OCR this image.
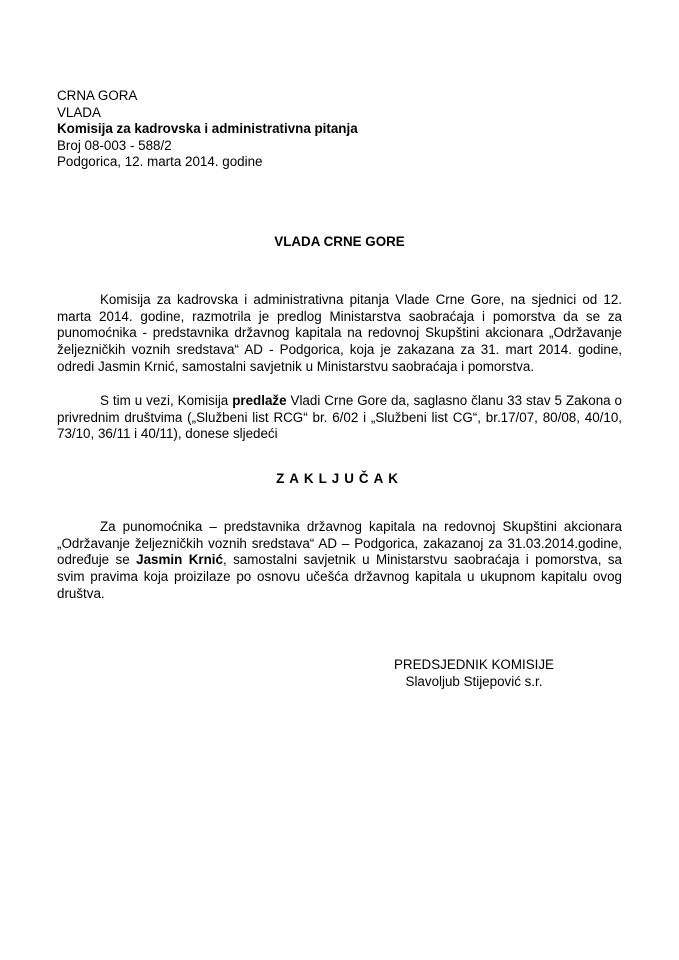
CRNA GORA
VLADA
Komisija za kadrovska i administrativna pitanja
Broj 08-003 - 588/2
Podgorica, 12. marta 2014. godine
VLADA CRNE GORE
Komisija za kadrovska i administrativna pitanja Vlade Crne Gore, na sjednici od 12. marta 2014. godine, razmotrila je predlog Ministarstva saobraćaja i pomorstva da se za punomoćnika - predstavnika državnog kapitala na redovnoj Skupštini akcionara „Održavanje željezničkih voznih sredstava“ AD - Podgorica, koja je zakazana za 31. mart 2014. godine, odredi Jasmin Krnić, samostalni savjetnik u Ministarstvu saobraćaja i pomorstva.
S tim u vezi, Komisija predlaže Vladi Crne Gore da, saglasno članu 33 stav 5 Zakona o privrednim društvima („Službeni list RCG“ br. 6/02 i „Službeni list CG“, br.17/07, 80/08, 40/10, 73/10, 36/11 i 40/11), donese sljedeći
ZAKLJUČAK
Za punomoćnika – predstavnika državnog kapitala na redovnoj Skupštini akcionara „Održavanje željezničkih voznih sredstava“ AD – Podgorica, zakazanoj za 31.03.2014.godine, određuje se Jasmin Krnić, samostalni savjetnik u Ministarstvu saobraćaja i pomorstva, sa svim pravima koja proizilaze po osnovu učešća državnog kapitala u ukupnom kapitalu ovog društva.
PREDSJEDNIK KOMISIJE
Slavoljub Stijepović s.r.
